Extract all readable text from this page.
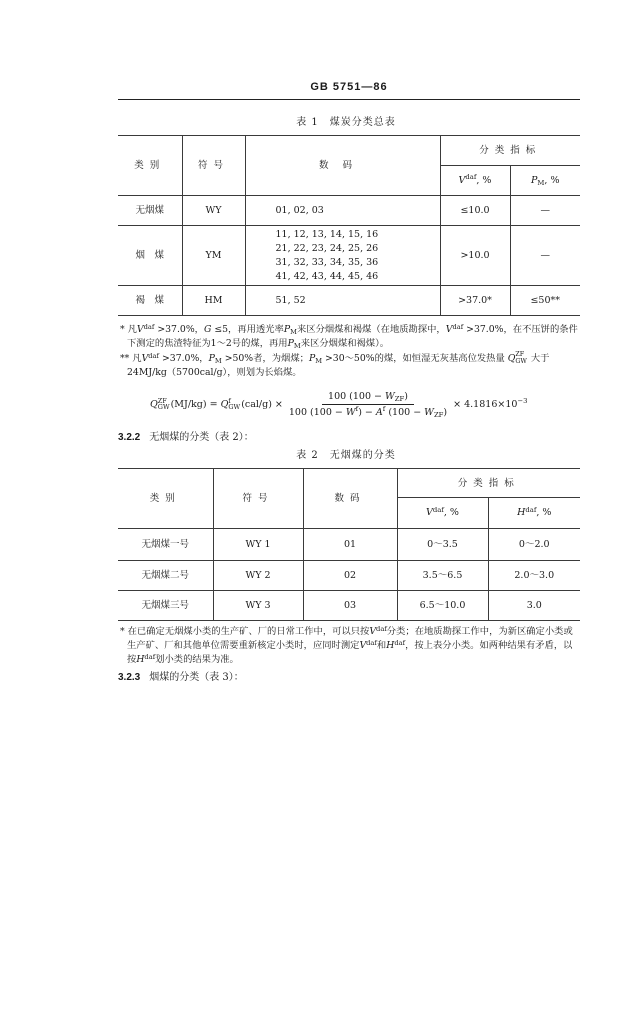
GB 5751—86
表 1　煤炭分类总表
类别	符号	数码	分类指标	
			$V^{daf}$, %	$P_M$, %
无烟煤	WY	01, 02, 03	≤10.0	—
烟　煤	YM	11, 12, 13, 14, 15, 16
21, 22, 23, 24, 25, 26
31, 32, 33, 34, 35, 36
41, 42, 43, 44, 45, 46	>10.0	—
褐　煤	HM	51, 52	>37.0*	≤50**
* 凡$V^{daf} >37.0\%$，G ≤5，再用透光率$P_M$来区分烟煤和褐煤（在地质勘探中，$V^{daf} >37.0\%$，在不压饼的条件下测定的焦渣特征为1～2号的煤，再用$P_M$来区分烟煤和褐煤）。
** 凡$V^{daf} >37.0\%$，$P_M >50\%$者，为烟煤；$P_M$ >30～50%的煤，如恒湿无灰基高位发热量 Q ZF
GW 大于24MJ/kg（5700cal/g），则划为长焰煤。
Q ZF
GW (MJ/kg) = Q f
GW $(cal/g) \times \frac{100 (100 - W_{ZF})}{100 (100 - W^f) - A^f (100 - W_{ZF})} \times 4.1816\times 10^{-3}$
3.2.2 无烟煤的分类（表 2）：
表 2　无烟煤的分类
类别	符号	数码	分类指标	
			$V^{daf}$, %	$H^{daf}$, %
无烟煤一号	WY 1	01	0～3.5	0～2.0
无烟煤二号	WY 2	02	3.5～6.5	2.0～3.0
无烟煤三号	WY 3	03	6.5～10.0	3.0
* 在已确定无烟煤小类的生产矿、厂的日常工作中，可以只按$V^{daf}$分类；在地质勘探工作中，为新区确定小类或生产矿、厂和其他单位需要重新核定小类时，应同时测定$V^{daf}$和$H^{daf}$，按上表分小类。如两种结果有矛盾，以按$H^{daf}$划小类的结果为准。
3.2.3 烟煤的分类（表 3）：
